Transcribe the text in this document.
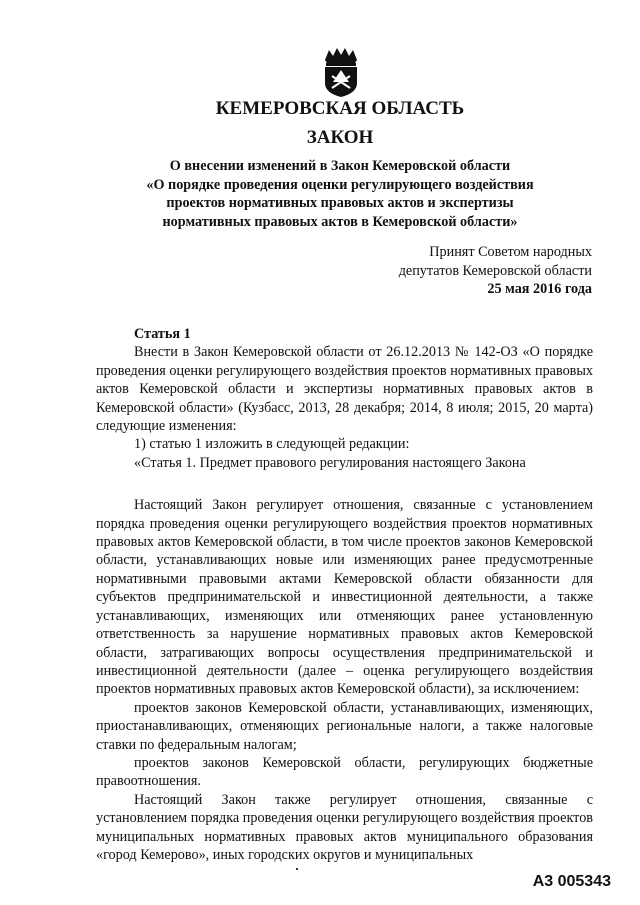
КЕМЕРОВСКАЯ ОБЛАСТЬ
ЗАКОН
О внесении изменений в Закон Кемеровской области
«О порядке проведения оценки регулирующего воздействия
проектов нормативных правовых актов и экспертизы
нормативных правовых актов в Кемеровской области»
Принят Советом народных
депутатов Кемеровской области
25 мая 2016 года

Статья 1

Внести в Закон Кемеровской области от 26.12.2013 № 142-ОЗ «О порядке проведения оценки регулирующего воздействия проектов нормативных правовых актов Кемеровской области и экспертизы нормативных правовых актов в Кемеровской области» (Кузбасс, 2013, 28 декабря; 2014, 8 июля; 2015, 20 марта) следующие изменения:

1) статью 1 изложить в следующей редакции:

«Статья 1. Предмет правового регулирования настоящего Закона

Настоящий Закон регулирует отношения, связанные с установлением порядка проведения оценки регулирующего воздействия проектов нормативных правовых актов Кемеровской области, в том числе проектов законов Кемеровской области, устанавливающих новые или изменяющих ранее предусмотренные нормативными правовыми актами Кемеровской области обязанности для субъектов предпринимательской и инвестиционной деятельности, а также устанавливающих, изменяющих или отменяющих ранее установленную ответственность за нарушение нормативных правовых актов Кемеровской области, затрагивающих вопросы осуществления предпринимательской и инвестиционной деятельности (далее – оценка регулирующего воздействия проектов нормативных правовых актов Кемеровской области), за исключением:

проектов законов Кемеровской области, устанавливающих, изменяющих, приостанавливающих, отменяющих региональные налоги, а также налоговые ставки по федеральным налогам;

проектов законов Кемеровской области, регулирующих бюджетные правоотношения.

Настоящий Закон также регулирует отношения, связанные с установлением порядка проведения оценки регулирующего воздействия проектов муниципальных нормативных правовых актов муниципального образования «город Кемерово», иных городских округов и муниципальных

А3 005343
